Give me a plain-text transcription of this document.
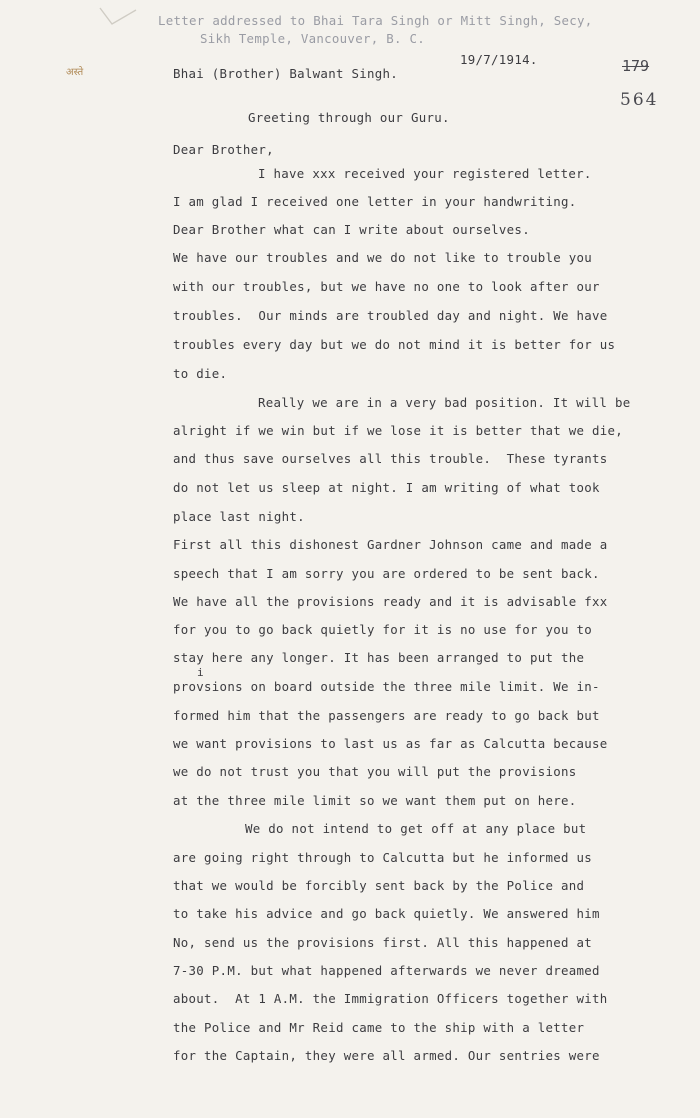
Letter addressed to Bhai Tara Singh or Mitt Singh, Secy,
Sikh Temple, Vancouver, B. C.
19/7/1914.
अस्ते	179
Bhai (Brother) Balwant Singh.
564
Greeting through our Guru.
Dear Brother,
I have xxx received your registered letter.
I am glad I received one letter in your handwriting.
Dear Brother what can I write about ourselves.
We have our troubles and we do not like to trouble you
with our troubles, but we have no one to look after our
troubles.  Our minds are troubled day and night. We have
troubles every day but we do not mind it is better for us
to die.
Really we are in a very bad position. It will be
alright if we win but if we lose it is better that we die,
and thus save ourselves all this trouble.  These tyrants
do not let us sleep at night. I am writing of what took
place last night.
First all this dishonest Gardner Johnson came and made a
speech that I am sorry you are ordered to be sent back.
We have all the provisions ready and it is advisable fxx
for you to go back quietly for it is no use for you to
stay here any longer. It has been arranged to put the
i
provsions on board outside the three mile limit. We in-
formed him that the passengers are ready to go back but
we want provisions to last us as far as Calcutta because
we do not trust you that you will put the provisions
at the three mile limit so we want them put on here.
We do not intend to get off at any place but
are going right through to Calcutta but he informed us
that we would be forcibly sent back by the Police and
to take his advice and go back quietly. We answered him
No, send us the provisions first. All this happened at
7-30 P.M. but what happened afterwards we never dreamed
about.  At 1 A.M. the Immigration Officers together with
the Police and Mr Reid came to the ship with a letter
for the Captain, they were all armed. Our sentries were
